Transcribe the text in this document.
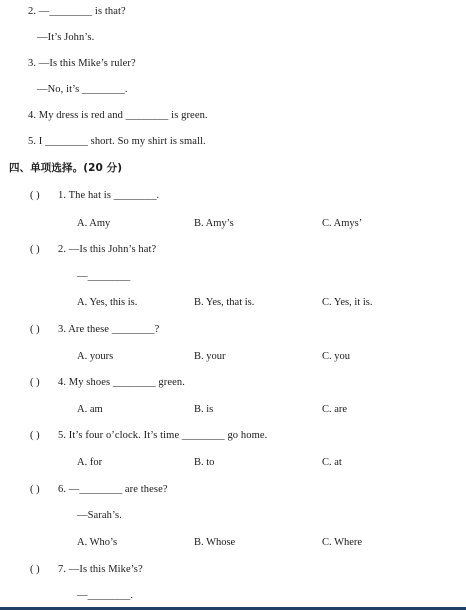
2. —________ is that?
—It’s John’s.
3. —Is this Mike’s ruler?
—No, it’s ________.
4. My dress is red and ________ is green.
5. I ________ short. So my shirt is small.
四、单项选择。(20 分)
( ) 1. The hat is ________.
A. Amy	B. Amy’s	C. Amys’
( ) 2. —Is this John’s hat?
—________
A. Yes, this is.	B. Yes, that is.	C. Yes, it is.
( ) 3. Are these ________?
A. yours	B. your	C. you
( ) 4. My shoes ________ green.
A. am	B. is	C. are
( ) 5. It’s four o’clock. It’s time ________ go home.
A. for	B. to	C. at
( ) 6. —________ are these?
—Sarah’s.
A. Who’s	B. Whose	C. Where
( ) 7. —Is this Mike’s?
—________.
